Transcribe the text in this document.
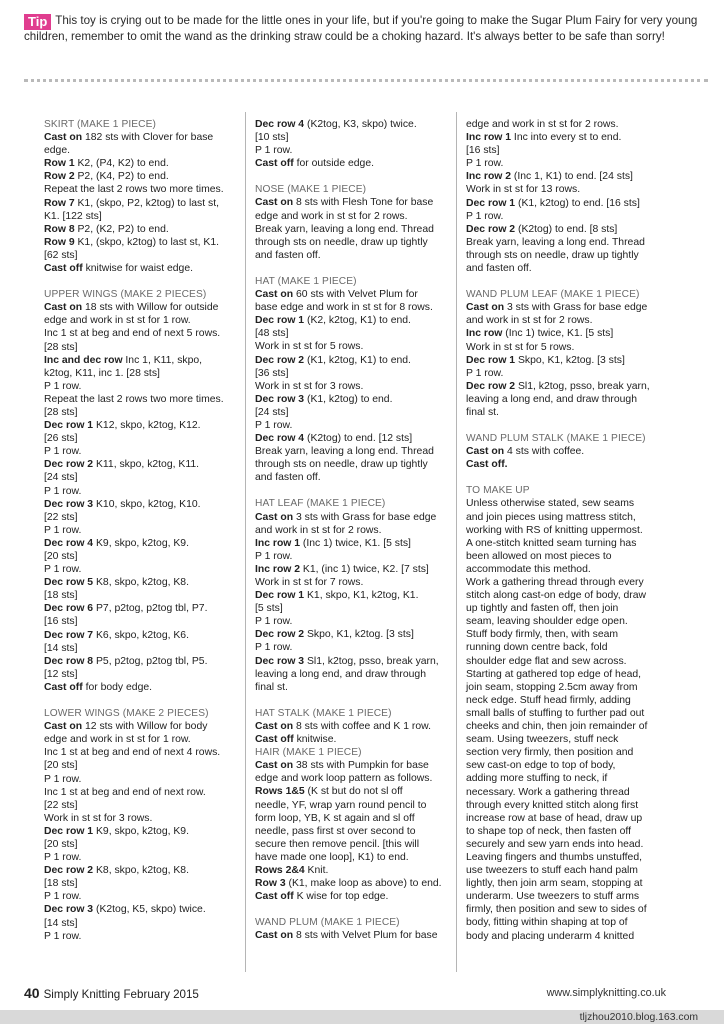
Tip This toy is crying out to be made for the little ones in your life, but if you're going to make the Sugar Plum Fairy for very young children, remember to omit the wand as the drinking straw could be a choking hazard. It's always better to be safe than sorry!
SKIRT (MAKE 1 PIECE)
Cast on 182 sts with Clover for base
edge.
Row 1 K2, (P4, K2) to end.
Row 2 P2, (K4, P2) to end.
Repeat the last 2 rows two more times.
Row 7 K1, (skpo, P2, k2tog) to last st,
K1. [122 sts]
Row 8 P2, (K2, P2) to end.
Row 9 K1, (skpo, k2tog) to last st, K1.
[62 sts]
Cast off knitwise for waist edge.
UPPER WINGS (MAKE 2 PIECES)
Cast on 18 sts with Willow for outside
edge and work in st st for 1 row.
Inc 1 st at beg and end of next 5 rows.
[28 sts]
Inc and dec row Inc 1, K11, skpo,
k2tog, K11, inc 1. [28 sts]
P 1 row.
Repeat the last 2 rows two more times.
[28 sts]
Dec row 1 K12, skpo, k2tog, K12.
[26 sts]
P 1 row.
Dec row 2 K11, skpo, k2tog, K11.
[24 sts]
P 1 row.
Dec row 3 K10, skpo, k2tog, K10.
[22 sts]
P 1 row.
Dec row 4 K9, skpo, k2tog, K9.
[20 sts]
P 1 row.
Dec row 5 K8, skpo, k2tog, K8.
[18 sts]
Dec row 6 P7, p2tog, p2tog tbl, P7.
[16 sts]
Dec row 7 K6, skpo, k2tog, K6.
[14 sts]
Dec row 8 P5, p2tog, p2tog tbl, P5.
[12 sts]
Cast off for body edge.
LOWER WINGS (MAKE 2 PIECES)
Cast on 12 sts with Willow for body
edge and work in st st for 1 row.
Inc 1 st at beg and end of next 4 rows.
[20 sts]
P 1 row.
Inc 1 st at beg and end of next row.
[22 sts]
Work in st st for 3 rows.
Dec row 1 K9, skpo, k2tog, K9.
[20 sts]
P 1 row.
Dec row 2 K8, skpo, k2tog, K8.
[18 sts]
P 1 row.
Dec row 3 (K2tog, K5, skpo) twice.
[14 sts]
P 1 row.
Dec row 4 (K2tog, K3, skpo) twice.
[10 sts]
P 1 row.
Cast off for outside edge.
NOSE (MAKE 1 PIECE)
Cast on 8 sts with Flesh Tone for base
edge and work in st st for 2 rows.
Break yarn, leaving a long end. Thread
through sts on needle, draw up tightly
and fasten off.
HAT (MAKE 1 PIECE)
Cast on 60 sts with Velvet Plum for
base edge and work in st st for 8 rows.
Dec row 1 (K2, k2tog, K1) to end.
[48 sts]
Work in st st for 5 rows.
Dec row 2 (K1, k2tog, K1) to end.
[36 sts]
Work in st st for 3 rows.
Dec row 3 (K1, k2tog) to end.
[24 sts]
P 1 row.
Dec row 4 (K2tog) to end. [12 sts]
Break yarn, leaving a long end. Thread
through sts on needle, draw up tightly
and fasten off.
HAT LEAF (MAKE 1 PIECE)
Cast on 3 sts with Grass for base edge
and work in st st for 2 rows.
Inc row 1 (Inc 1) twice, K1. [5 sts]
P 1 row.
Inc row 2 K1, (inc 1) twice, K2. [7 sts]
Work in st st for 7 rows.
Dec row 1 K1, skpo, K1, k2tog, K1.
[5 sts]
P 1 row.
Dec row 2 Skpo, K1, k2tog. [3 sts]
P 1 row.
Dec row 3 Sl1, k2tog, psso, break yarn,
leaving a long end, and draw through
final st.
HAT STALK (MAKE 1 PIECE)
Cast on 8 sts with coffee and K 1 row.
Cast off knitwise.
HAIR (MAKE 1 PIECE)
Cast on 38 sts with Pumpkin for base
edge and work loop pattern as follows.
Rows 1&5 (K st but do not sl off
needle, YF, wrap yarn round pencil to
form loop, YB, K st again and sl off
needle, pass first st over second to
secure then remove pencil. [this will
have made one loop], K1) to end.
Rows 2&4 Knit.
Row 3 (K1, make loop as above) to end.
Cast off K wise for top edge.
WAND PLUM (MAKE 1 PIECE)
Cast on 8 sts with Velvet Plum for base
edge and work in st st for 2 rows.
Inc row 1 Inc into every st to end.
[16 sts]
P 1 row.
Inc row 2 (Inc 1, K1) to end. [24 sts]
Work in st st for 13 rows.
Dec row 1 (K1, k2tog) to end. [16 sts]
P 1 row.
Dec row 2 (K2tog) to end. [8 sts]
Break yarn, leaving a long end. Thread
through sts on needle, draw up tightly
and fasten off.
WAND PLUM LEAF (MAKE 1 PIECE)
Cast on 3 sts with Grass for base edge
and work in st st for 2 rows.
Inc row (Inc 1) twice, K1. [5 sts]
Work in st st for 5 rows.
Dec row 1 Skpo, K1, k2tog. [3 sts]
P 1 row.
Dec row 2 Sl1, k2tog, psso, break yarn,
leaving a long end, and draw through
final st.
WAND PLUM STALK (MAKE 1 PIECE)
Cast on 4 sts with coffee.
Cast off.
TO MAKE UP
Unless otherwise stated, sew seams
and join pieces using mattress stitch,
working with RS of knitting uppermost.
A one-stitch knitted seam turning has
been allowed on most pieces to
accommodate this method.
Work a gathering thread through every
stitch along cast-on edge of body, draw
up tightly and fasten off, then join
seam, leaving shoulder edge open.
Stuff body firmly, then, with seam
running down centre back, fold
shoulder edge flat and sew across.
Starting at gathered top edge of head,
join seam, stopping 2.5cm away from
neck edge. Stuff head firmly, adding
small balls of stuffing to further pad out
cheeks and chin, then join remainder of
seam. Using tweezers, stuff neck
section very firmly, then position and
sew cast-on edge to top of body,
adding more stuffing to neck, if
necessary. Work a gathering thread
through every knitted stitch along first
increase row at base of head, draw up
to shape top of neck, then fasten off
securely and sew yarn ends into head.
Leaving fingers and thumbs unstuffed,
use tweezers to stuff each hand palm
lightly, then join arm seam, stopping at
underarm. Use tweezers to stuff arms
firmly, then position and sew to sides of
body, fitting within shaping at top of
body and placing underarm 4 knitted
40 Simply Knitting February 2015	www.simplyknitting.co.uk
tljzhou2010.blog.163.com
